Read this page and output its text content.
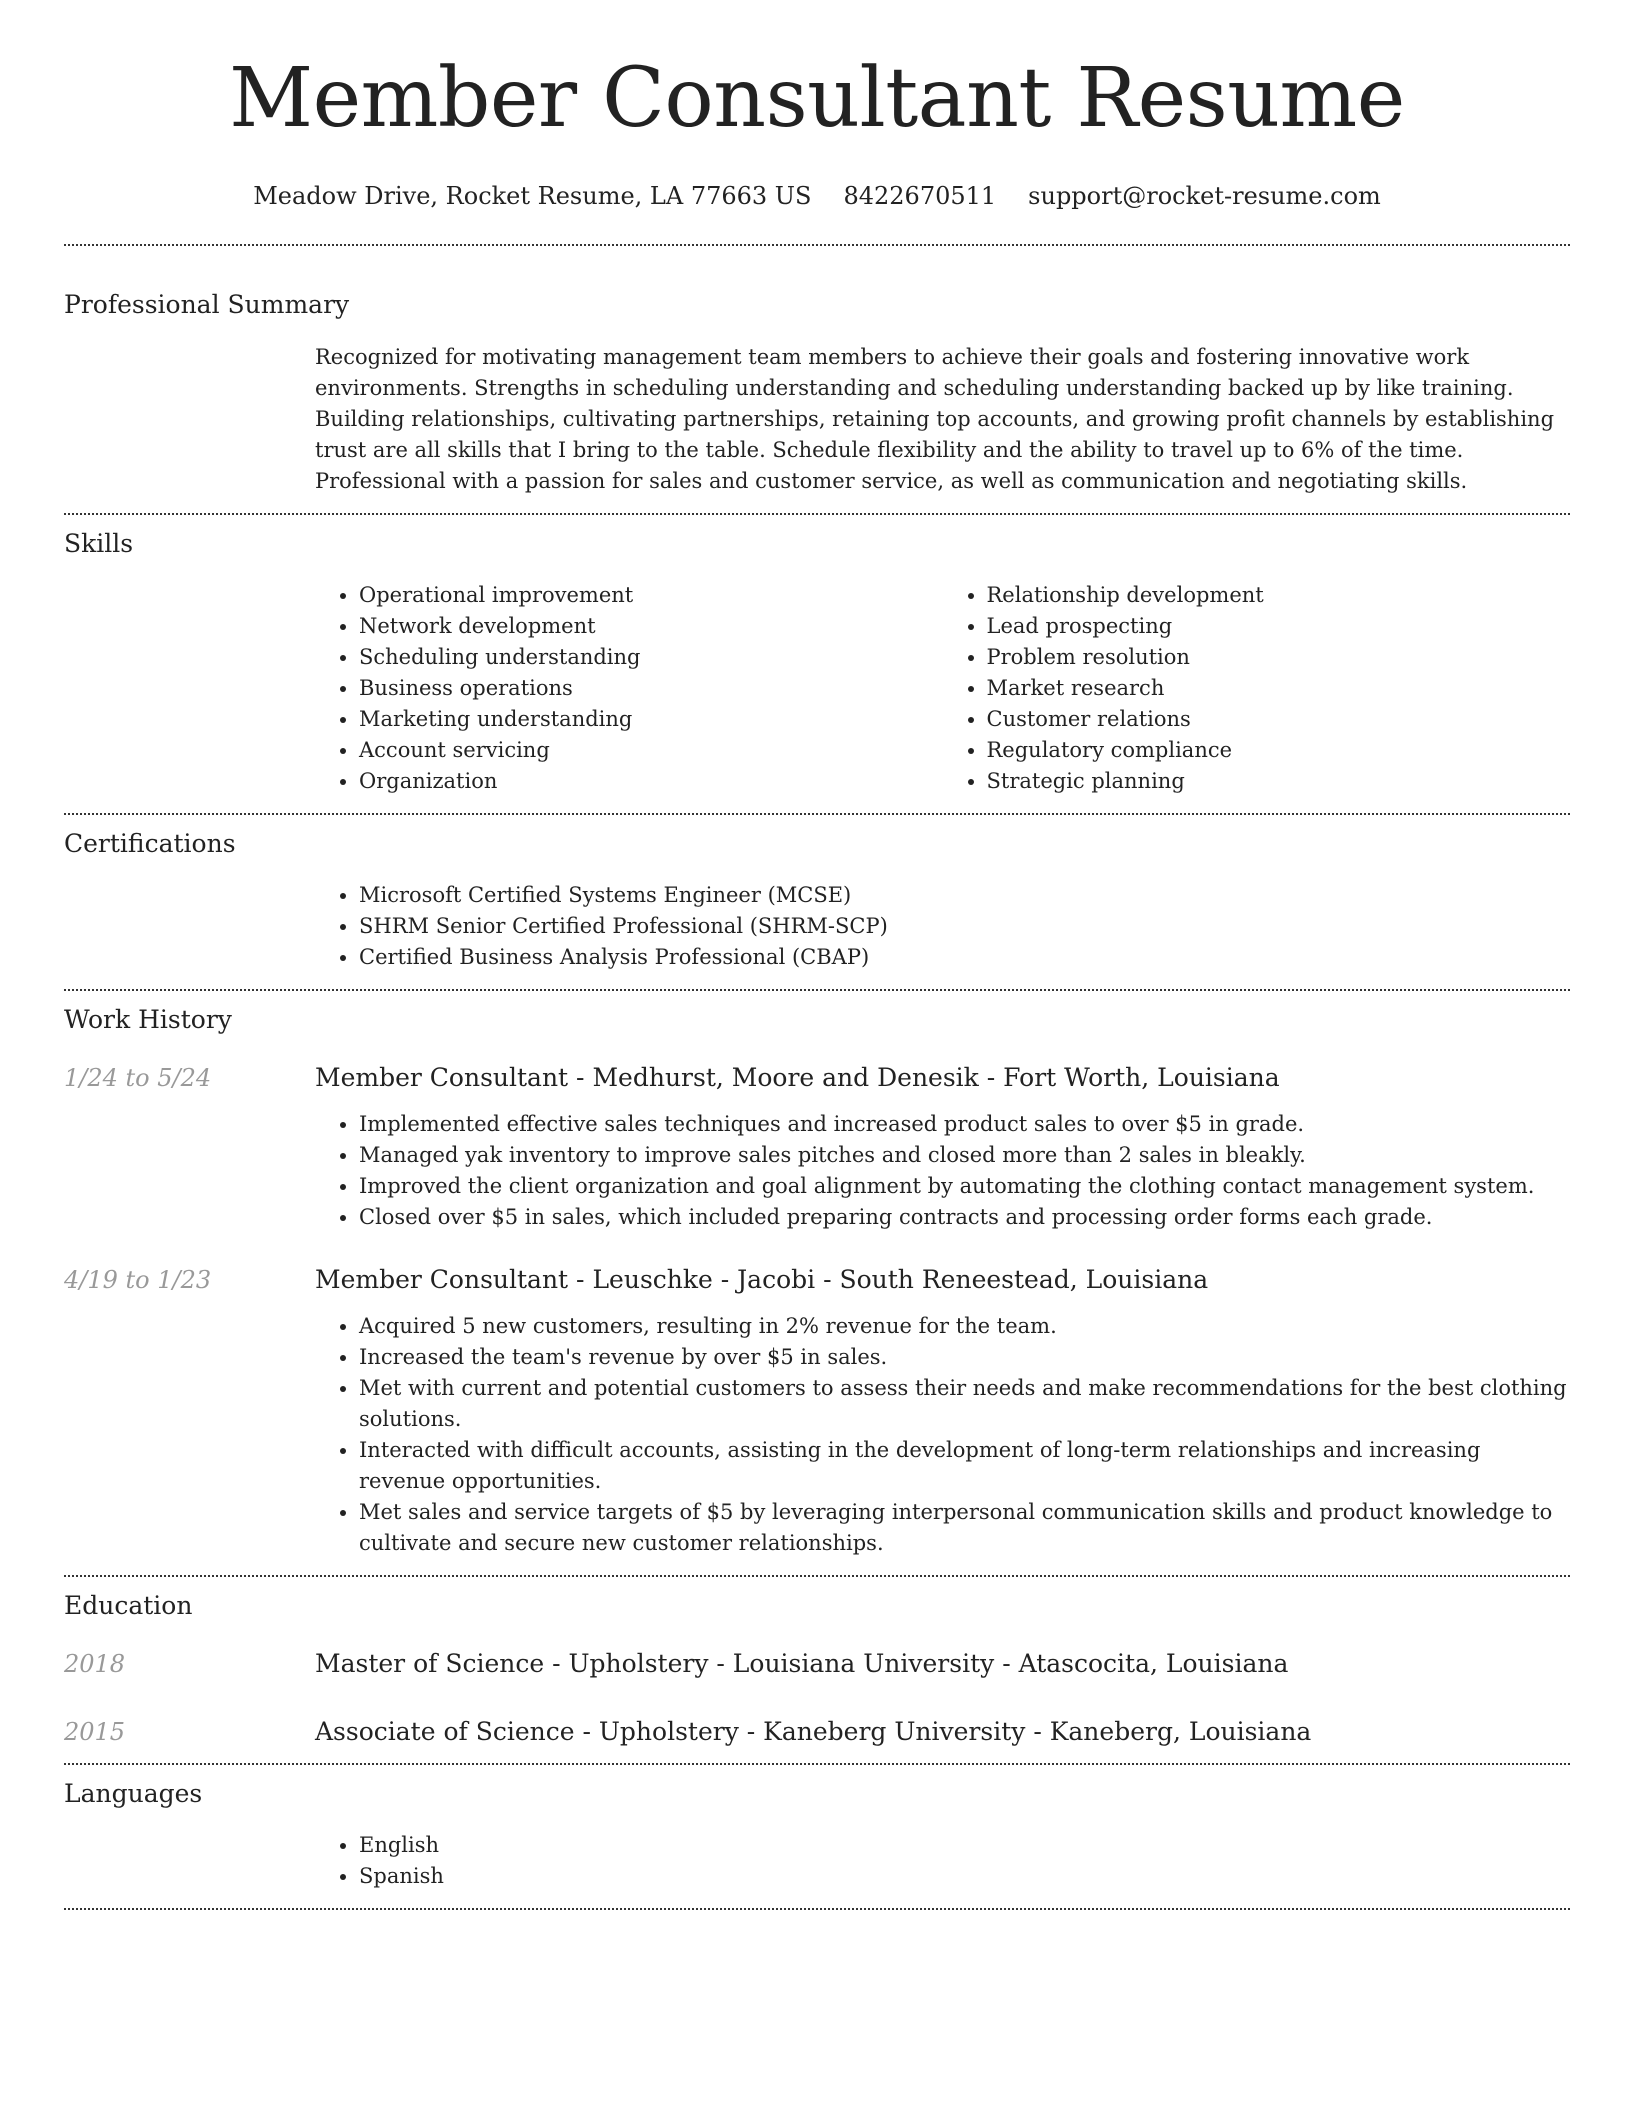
Member Consultant Resume
Meadow Drive, Rocket Resume, LA 77663 US 8422670511 support@rocket-resume.com
Professional Summary
Recognized for motivating management team members to achieve their goals and fostering innovative work environments. Strengths in scheduling understanding and scheduling understanding backed up by like training. Building relationships, cultivating partnerships, retaining top accounts, and growing profit channels by establishing trust are all skills that I bring to the table. Schedule flexibility and the ability to travel up to 6% of the time. Professional with a passion for sales and customer service, as well as communication and negotiating skills.
Skills
• Operational improvement
• Network development
• Scheduling understanding
• Business operations
• Marketing understanding
• Account servicing
• Organization
• Relationship development
• Lead prospecting
• Problem resolution
• Market research
• Customer relations
• Regulatory compliance
• Strategic planning
Certifications
• Microsoft Certified Systems Engineer (MCSE)
• SHRM Senior Certified Professional (SHRM-SCP)
• Certified Business Analysis Professional (CBAP)
Work History
1/24 to 5/24	Member Consultant - Medhurst, Moore and Denesik - Fort Worth, Louisiana
• Implemented effective sales techniques and increased product sales to over $5 in grade.
• Managed yak inventory to improve sales pitches and closed more than 2 sales in bleakly.
• Improved the client organization and goal alignment by automating the clothing contact management system.
• Closed over $5 in sales, which included preparing contracts and processing order forms each grade.
4/19 to 1/23	Member Consultant - Leuschke - Jacobi - South Reneestead, Louisiana
• Acquired 5 new customers, resulting in 2% revenue for the team.
• Increased the team's revenue by over $5 in sales.
• Met with current and potential customers to assess their needs and make recommendations for the best clothing solutions.
• Interacted with difficult accounts, assisting in the development of long-term relationships and increasing revenue opportunities.
• Met sales and service targets of $5 by leveraging interpersonal communication skills and product knowledge to cultivate and secure new customer relationships.
Education
2018	Master of Science - Upholstery - Louisiana University - Atascocita, Louisiana
2015	Associate of Science - Upholstery - Kaneberg University - Kaneberg, Louisiana
Languages
• English
• Spanish
